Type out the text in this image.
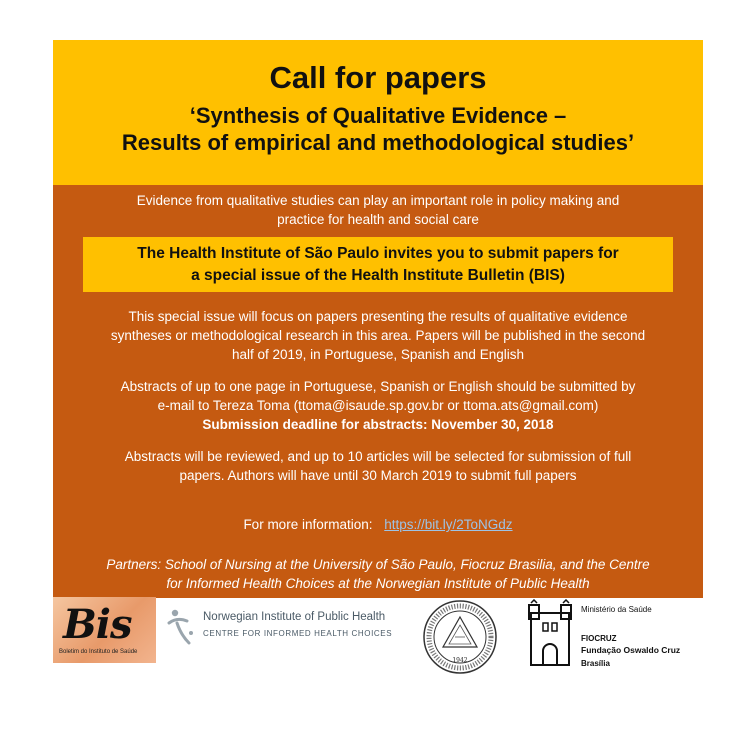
Call for papers
‘Synthesis of Qualitative Evidence –
Results of empirical and methodological studies’
Evidence from qualitative studies can play an important role in policy making and
practice for health and social care
The Health Institute of São Paulo invites you to submit papers for
a special issue of the Health Institute Bulletin (BIS)
This special issue will focus on papers presenting the results of qualitative evidence
syntheses or methodological research in this area. Papers will be published in the second
half of 2019, in Portuguese, Spanish and English
Abstracts of up to one page in Portuguese, Spanish or English should be submitted by
e-mail to Tereza Toma (ttoma@isaude.sp.gov.br or ttoma.ats@gmail.com)
Submission deadline for abstracts: November 30, 2018
Abstracts will be reviewed, and up to 10 articles will be selected for submission of full
papers. Authors will have until 30 March 2019 to submit full papers
For more information: https://bit.ly/2ToNGdz
Partners: School of Nursing at the University of São Paulo, Fiocruz Brasilia, and the Centre
for Informed Health Choices at the Norwegian Institute of Public Health
Bis
Boletim do Instituto de Saúde
Norwegian Institute of Public Health
CENTRE FOR INFORMED HEALTH CHOICES
1942
Ministério da Saúde
FIOCRUZ
Fundação Oswaldo Cruz
Brasília
